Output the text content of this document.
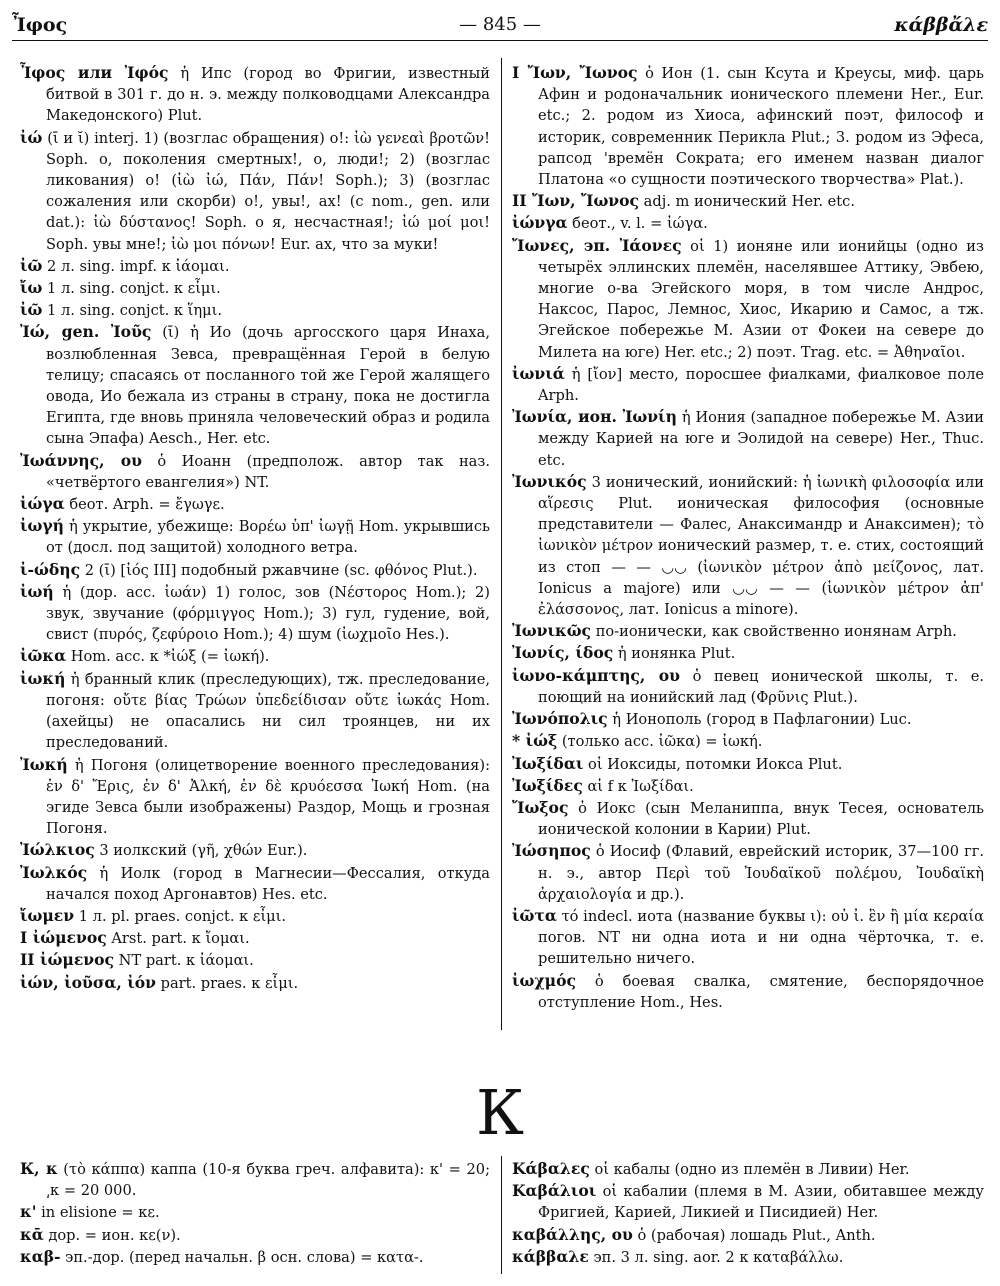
Ἶφος	— 845 —	κάββἄλε

Ἶφος или Ἰφός ἡ Ипс (город во Фригии, известный битвой в 301 г. до н. э. между полководцами Александра Македонского) Plut.

ἰώ (ῑ и ῐ) interj. 1) (возглас обращения) о!: ἰὼ γενεαὶ βροτῶν! Soph. о, поколения смертных!, о, люди!; 2) (возглас ликования) о! (ἰὼ ἰώ, Πάν, Πάν! Soph.); 3) (возглас сожаления или скорби) о!, увы!, ах! (с nom., gen. или dat.): ἰὼ δύστανος! Soph. о я, несчастная!; ἰώ μοί μοι! Soph. увы мне!; ἰὼ μοι πόνων! Eur. ах, что за муки!

ἰῶ 2 л. sing. impf. к ἰάομαι.

ἴω 1 л. sing. conjct. к εἶμι.

ἰῶ 1 л. sing. conjct. к ἵημι.

Ἰώ, gen. Ἰοῦς (ῑ) ἡ Ио (дочь аргосского царя Инаха, возлюбленная Зевса, превращённая Герой в белую телицу; спасаясь от посланного той же Герой жалящего овода, Ио бежала из страны в страну, пока не достигла Египта, где вновь приняла человеческий образ и родила сына Эпафа) Aesch., Her. etc.

Ἰωάννης, ου ὁ Иоанн (предполож. автор так наз. «четвёртого евангелия») NT.

ἰώγα беот. Arph. = ἔγωγε.

ἰωγή ἡ укрытие, убежище: Βορέω ὑπ' ἰωγῇ Hom. укрывшись от (досл. под защитой) холодного ветра.

ἰ-ώδης 2 (ῑ) [ἰός III] подобный ржавчине (sc. φθόνος Plut.).

ἰωή ἡ (дор. acc. ἰωάν) 1) голос, зов (Νέστορος Hom.); 2) звук, звучание (φόρμιγγος Hom.); 3) гул, гудение, вой, свист (πυρός, ζεφύροιο Hom.); 4) шум (ἰωχμοῖο Hes.).

ἰῶκα Hom. acc. к *ἰώξ (= ἰωκή).

ἰωκή ἡ бранный клик (преследующих), тж. преследование, погоня: οὔτε βίας Τρώων ὑπεδείδισαν οὔτε ἰωκάς Hom. (ахейцы) не опасались ни сил троянцев, ни их преследований.

Ἰωκή ἡ Погоня (олицетворение военного преследования): ἐν δ' Ἔρις, ἐν δ' Ἀλκή, ἐν δὲ κρυόεσσα Ἰωκή Hom. (на эгиде Зевса были изображены) Раздор, Мощь и грозная Погоня.

Ἰώλκιος 3 иолкский (γῆ, χθών Eur.).

Ἰωλκός ἡ Иолк (город в Магнесии—Фессалия, откуда начался поход Аргонавтов) Hes. etc.

ἴωμεν 1 л. pl. praes. conjct. к εἶμι.

I ἰώμενος Arst. part. к ἴομαι.

II ἰώμενος NT part. к ἰάομαι.

ἰών, ἰοῦσα, ἰόν part. praes. к εἶμι.

I Ἴων, Ἴωνος ὁ Ион (1. сын Ксута и Креусы, миф. царь Афин и родоначальник ионического племени Her., Eur. etc.; 2. родом из Хиоса, афинский поэт, философ и историк, современник Перикла Plut.; 3. родом из Эфеса, рапсод 'времён Сократа; его именем назван диалог Платона «о сущности поэтического творчества» Plat.).

II Ἴων, Ἴωνος adj. m ионический Her. etc.

ἰώνγα беот., v. l. = ἰώγα.

Ἴωνες, эп. Ἰάονες οἱ 1) ионяне или ионийцы (одно из четырёх эллинских племён, населявшее Аттику, Эвбею, многие о-ва Эгейского моря, в том числе Андрос, Наксос, Парос, Лемнос, Хиос, Икарию и Самос, а тж. Эгейское побережье М. Азии от Фокеи на севере до Милета на юге) Her. etc.; 2) поэт. Trag. etc. = Ἀθηναῖοι.

ἰωνιά ἡ [ἴον] место, поросшее фиалками, фиалковое поле Arph.

Ἰωνία, ион. Ἰωνίη ἡ Иония (западное побережье М. Азии между Карией на юге и Эолидой на севере) Her., Thuc. etc.

Ἰωνικός 3 ионический, ионийский: ἡ ἰωνικὴ φιλοσοφία или αἵρεσις Plut. ионическая философия (основные представители — Фалес, Анаксимандр и Анаксимен); τὸ ἰωνικὸν μέτρον ионический размер, т. е. стих, состоящий из стоп — — ◡◡ (ἰωνικὸν μέτρον ἀπὸ μείζονος, лат. Ionicus a majore) или ◡◡ — — (ἰωνικὸν μέτρον ἀπ' ἐλάσσονος, лат. Ionicus a minore).

Ἰωνικῶς по-ионически, как свойственно ионянам Arph.

Ἰωνίς, ίδος ἡ ионянка Plut.

ἰωνο-κάμπτης, ου ὁ певец ионической школы, т. е. поющий на ионийский лад (Φρῦνις Plut.).

Ἰωνόπολις ἡ Ионополь (город в Пафлагонии) Luc.

* ἰώξ (только acc. ἰῶκα) = ἰωκή.

Ἰωξίδαι οἱ Иоксиды, потомки Иокса Plut.

Ἰωξίδες αἱ f к Ἰωξίδαι.

Ἴωξος ὁ Иокс (сын Меланиппа, внук Тесея, основатель ионической колонии в Карии) Plut.

Ἰώσηπος ὁ Иосиф (Флавий, еврейский историк, 37—100 гг. н. э., автор Περὶ τοῦ Ἰουδαϊκοῦ πολέμου, Ἰουδαϊκὴ ἀρχαιολογία и др.).

ἰῶτα τό indecl. иота (название буквы ι): οὐ ἰ. ἓν ἢ μία κεραία погов. NT ни одна иота и ни одна чёрточка, т. е. решительно ничего.

ἰωχμός ὁ боевая свалка, смятение, беспорядочное отступление Hom., Hes.

К

К, κ (τὸ κάππα) каппа (10-я буква греч. алфавита): κ' = 20; ͵κ = 20 000.

κ' in elisione = κε.

κᾱ дор. = ион. κε(ν).

καβ- эп.-дор. (перед начальн. β осн. слова) = κατα-.

Κάβαλες οἱ кабалы (одно из племён в Ливии) Her.

Καβάλιοι οἱ кабалии (племя в М. Азии, обитавшее между Фригией, Карией, Ликией и Писидией) Her.

καβάλλης, ου ὁ (рабочая) лошадь Plut., Anth.

κάββαλε эп. 3 л. sing. aor. 2 к καταβάλλω.
